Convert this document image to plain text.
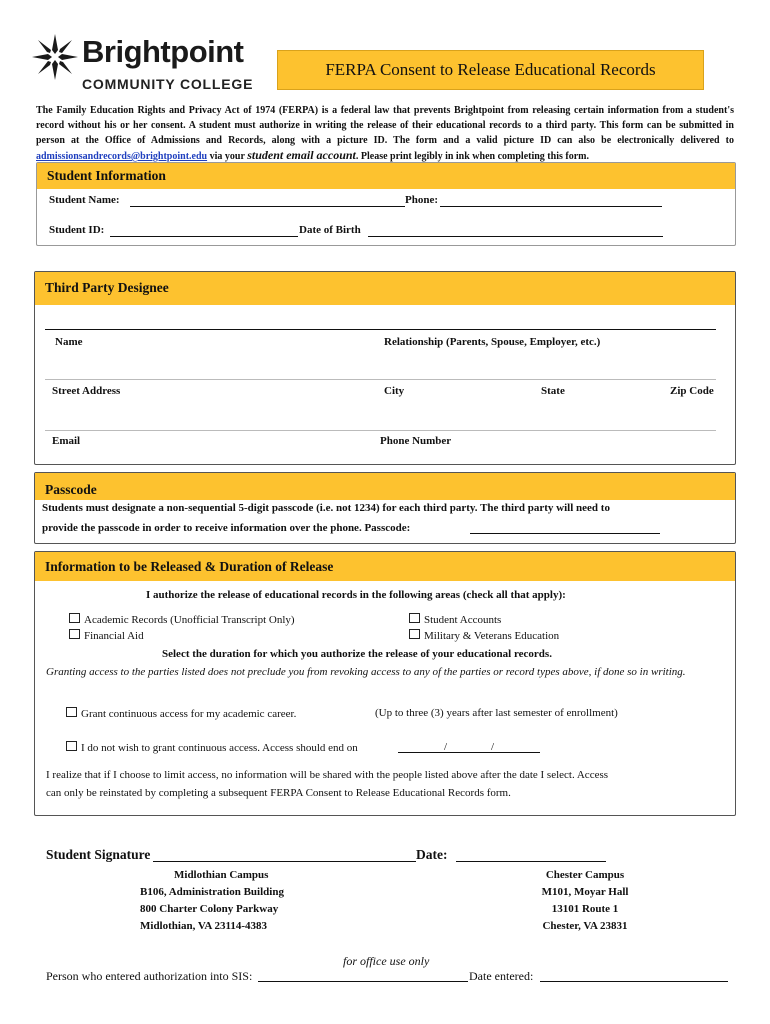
Brightpoint
COMMUNITY COLLEGE
FERPA Consent to Release Educational Records
The Family Education Rights and Privacy Act of 1974 (FERPA) is a federal law that prevents Brightpoint from releasing certain information from a student's record without his or her consent. A student must authorize in writing the release of their educational records to a third party. This form can be submitted in person at the Office of Admissions and Records, along with a picture ID. The form and a valid picture ID can also be electronically delivered to admissionsandrecords@brightpoint.edu via your student email account. Please print legibly in ink when completing this form.
Student Information
Student Name:	Phone:
Student ID:	Date of Birth
Third Party Designee
Name	Relationship (Parents, Spouse, Employer, etc.)
Street Address	City	State	Zip Code
Email	Phone Number
Passcode
Students must designate a non-sequential 5-digit passcode (i.e. not 1234) for each third party. The third party will need to
provide the passcode in order to receive information over the phone. Passcode:
Information to be Released & Duration of Release
I authorize the release of educational records in the following areas (check all that apply):
Academic Records (Unofficial Transcript Only)
Financial Aid
Student Accounts
Military & Veterans Education
Select the duration for which you authorize the release of your educational records.
Granting access to the parties listed does not preclude you from revoking access to any of the parties or record types above, if done so in writing.
Grant continuous access for my academic career.	(Up to three (3) years after last semester of enrollment)
I do not wish to grant continuous access. Access should end on	/	/
I realize that if I choose to limit access, no information will be shared with the people listed above after the date I select. Access
can only be reinstated by completing a subsequent FERPA Consent to Release Educational Records form.
Student Signature	Date:
Midlothian Campus
B106, Administration Building
800 Charter Colony Parkway
Midlothian, VA 23114-4383
Chester Campus
M101, Moyar Hall
13101 Route 1
Chester, VA 23831
for office use only
Person who entered authorization into SIS:	Date entered:
